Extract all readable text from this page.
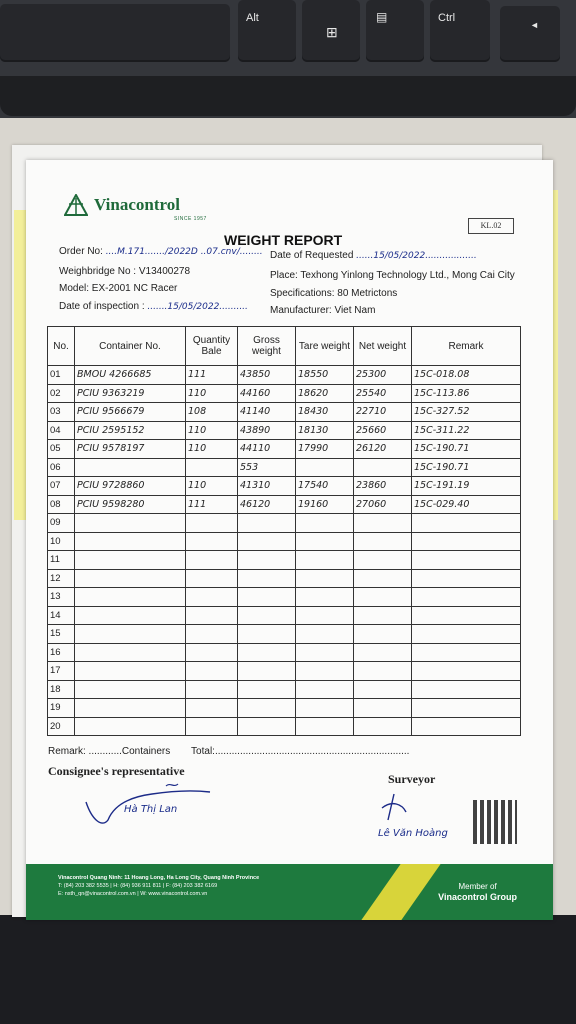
Alt
⊞
▤	Ctrl
◄
Vinacontrol
SINCE 1957
KL.02
WEIGHT REPORT
Order No: ....M.171......./2022D ..07.cnv/........ Date of Requested ......15/05/2022..................
Weighbridge No : V13400278	Place: Texhong Yinlong Technology Ltd., Mong Cai City
Model: EX-2001 NC Racer	Specifications: 80 Metrictons
Date of inspection : .......15/05/2022.......... Manufacturer: Viet Nam
No.	Container No.	Quantity Bale	Gross weight	Tare weight	Net weight	Remark
01	BMOU 4266685	111	43850	18550	25300	15C-018.08
02	PCIU 9363219	110	44160	18620	25540	15C-113.86
03	PCIU 9566679	108	41140	18430	22710	15C-327.52
04	PCIU 2595152	110	43890	18130	25660	15C-311.22
05	PCIU 9578197	110	44110	17990	26120	15C-190.71
06			553			15C-190.71
07	PCIU 9728860	110	41310	17540	23860	15C-191.19
08	PCIU 9598280	111	46120	19160	27060	15C-029.40
09						
10						
11						
12						
13						
14						
15						
16						
17						
18						
19						
20						
Remark: ............Containers Total:......................................................................
Consignee's representative
Hà Thị Lan
Surveyor
Lê Văn Hoàng
Vinacontrol Quang Ninh: 11 Hoang Long, Ha Long City, Quang Ninh Province
T: (84) 203 382 5535 | H: (84) 936 911 811 | F: (84) 203 382 6169
E: nsth_qn@vinacontrol.com.vn | W: www.vinacontrol.com.vn
Member of
Vinacontrol Group
